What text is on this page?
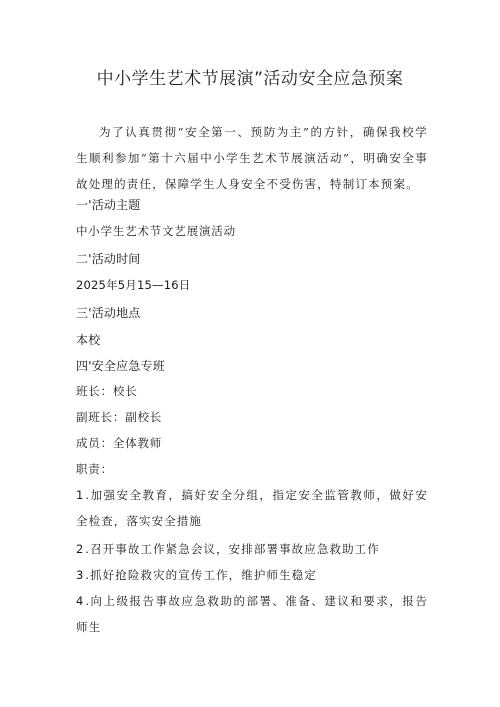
中小学生艺术节展演”活动安全应急预案
为了认真贯彻“安全第一、预防为主”的方针，确保我校学生顺利参加“第十六届中小学生艺术节展演活动”，明确安全事故处理的责任，保障学生人身安全不受伤害，特制订本预案。
一'活动主题
中小学生艺术节文艺展演活动
二'活动时间
2025年5月15—16日
三'活动地点
本校
四'安全应急专班
班长：校长
副班长：副校长
成员：全体教师
职责：
1 .加强安全教育，搞好安全分组，指定安全监管教师，做好安全检查，落实安全措施
2 .召开事故工作紧急会议，安排部署事故应急救助工作
3 .抓好抢险救灾的宣传工作，维护师生稳定
4 .向上级报告事故应急救助的部署、准备、建议和要求，报告师生
